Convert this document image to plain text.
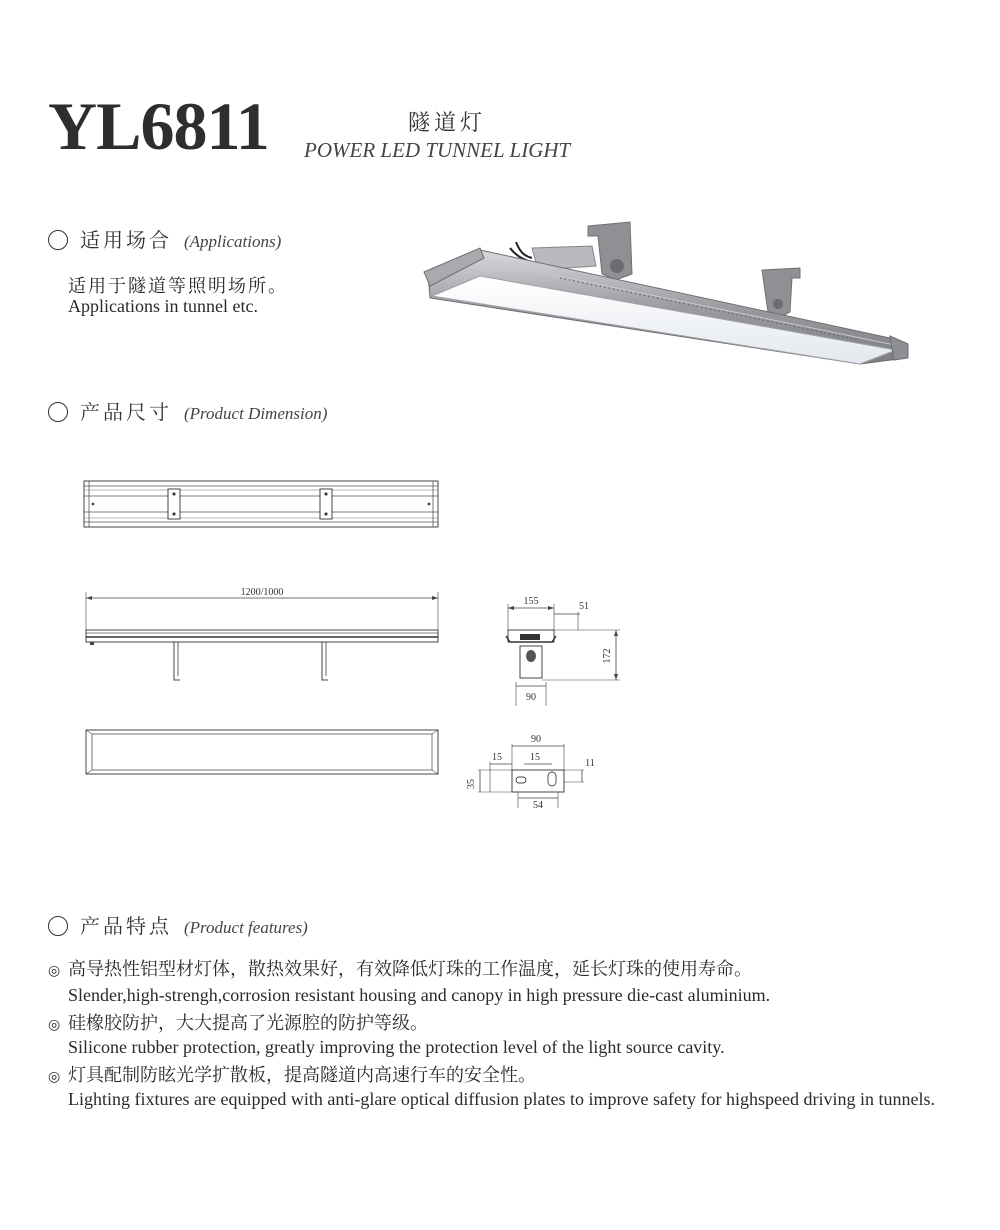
YL6811	隧道灯
POWER LED TUNNEL LIGHT
适用场合 (Applications)
适用于隧道等照明场所。
Applications in tunnel etc.
产品尺寸 (Product Dimension)
1200/1000
155	51
172
90
90
15	15
11
35
54
产品特点 (Product features)
◎ 高导热性铝型材灯体，散热效果好，有效降低灯珠的工作温度，延长灯珠的使用寿命。
Slender,high-strengh,corrosion resistant housing and canopy in high pressure die-cast aluminium.
◎ 硅橡胶防护，大大提高了光源腔的防护等级。
Silicone rubber protection, greatly improving the protection level of the light source cavity.
◎ 灯具配制防眩光学扩散板，提高隧道内高速行车的安全性。
Lighting fixtures are equipped with anti-glare optical diffusion plates to improve safety for highspeed driving in tunnels.
